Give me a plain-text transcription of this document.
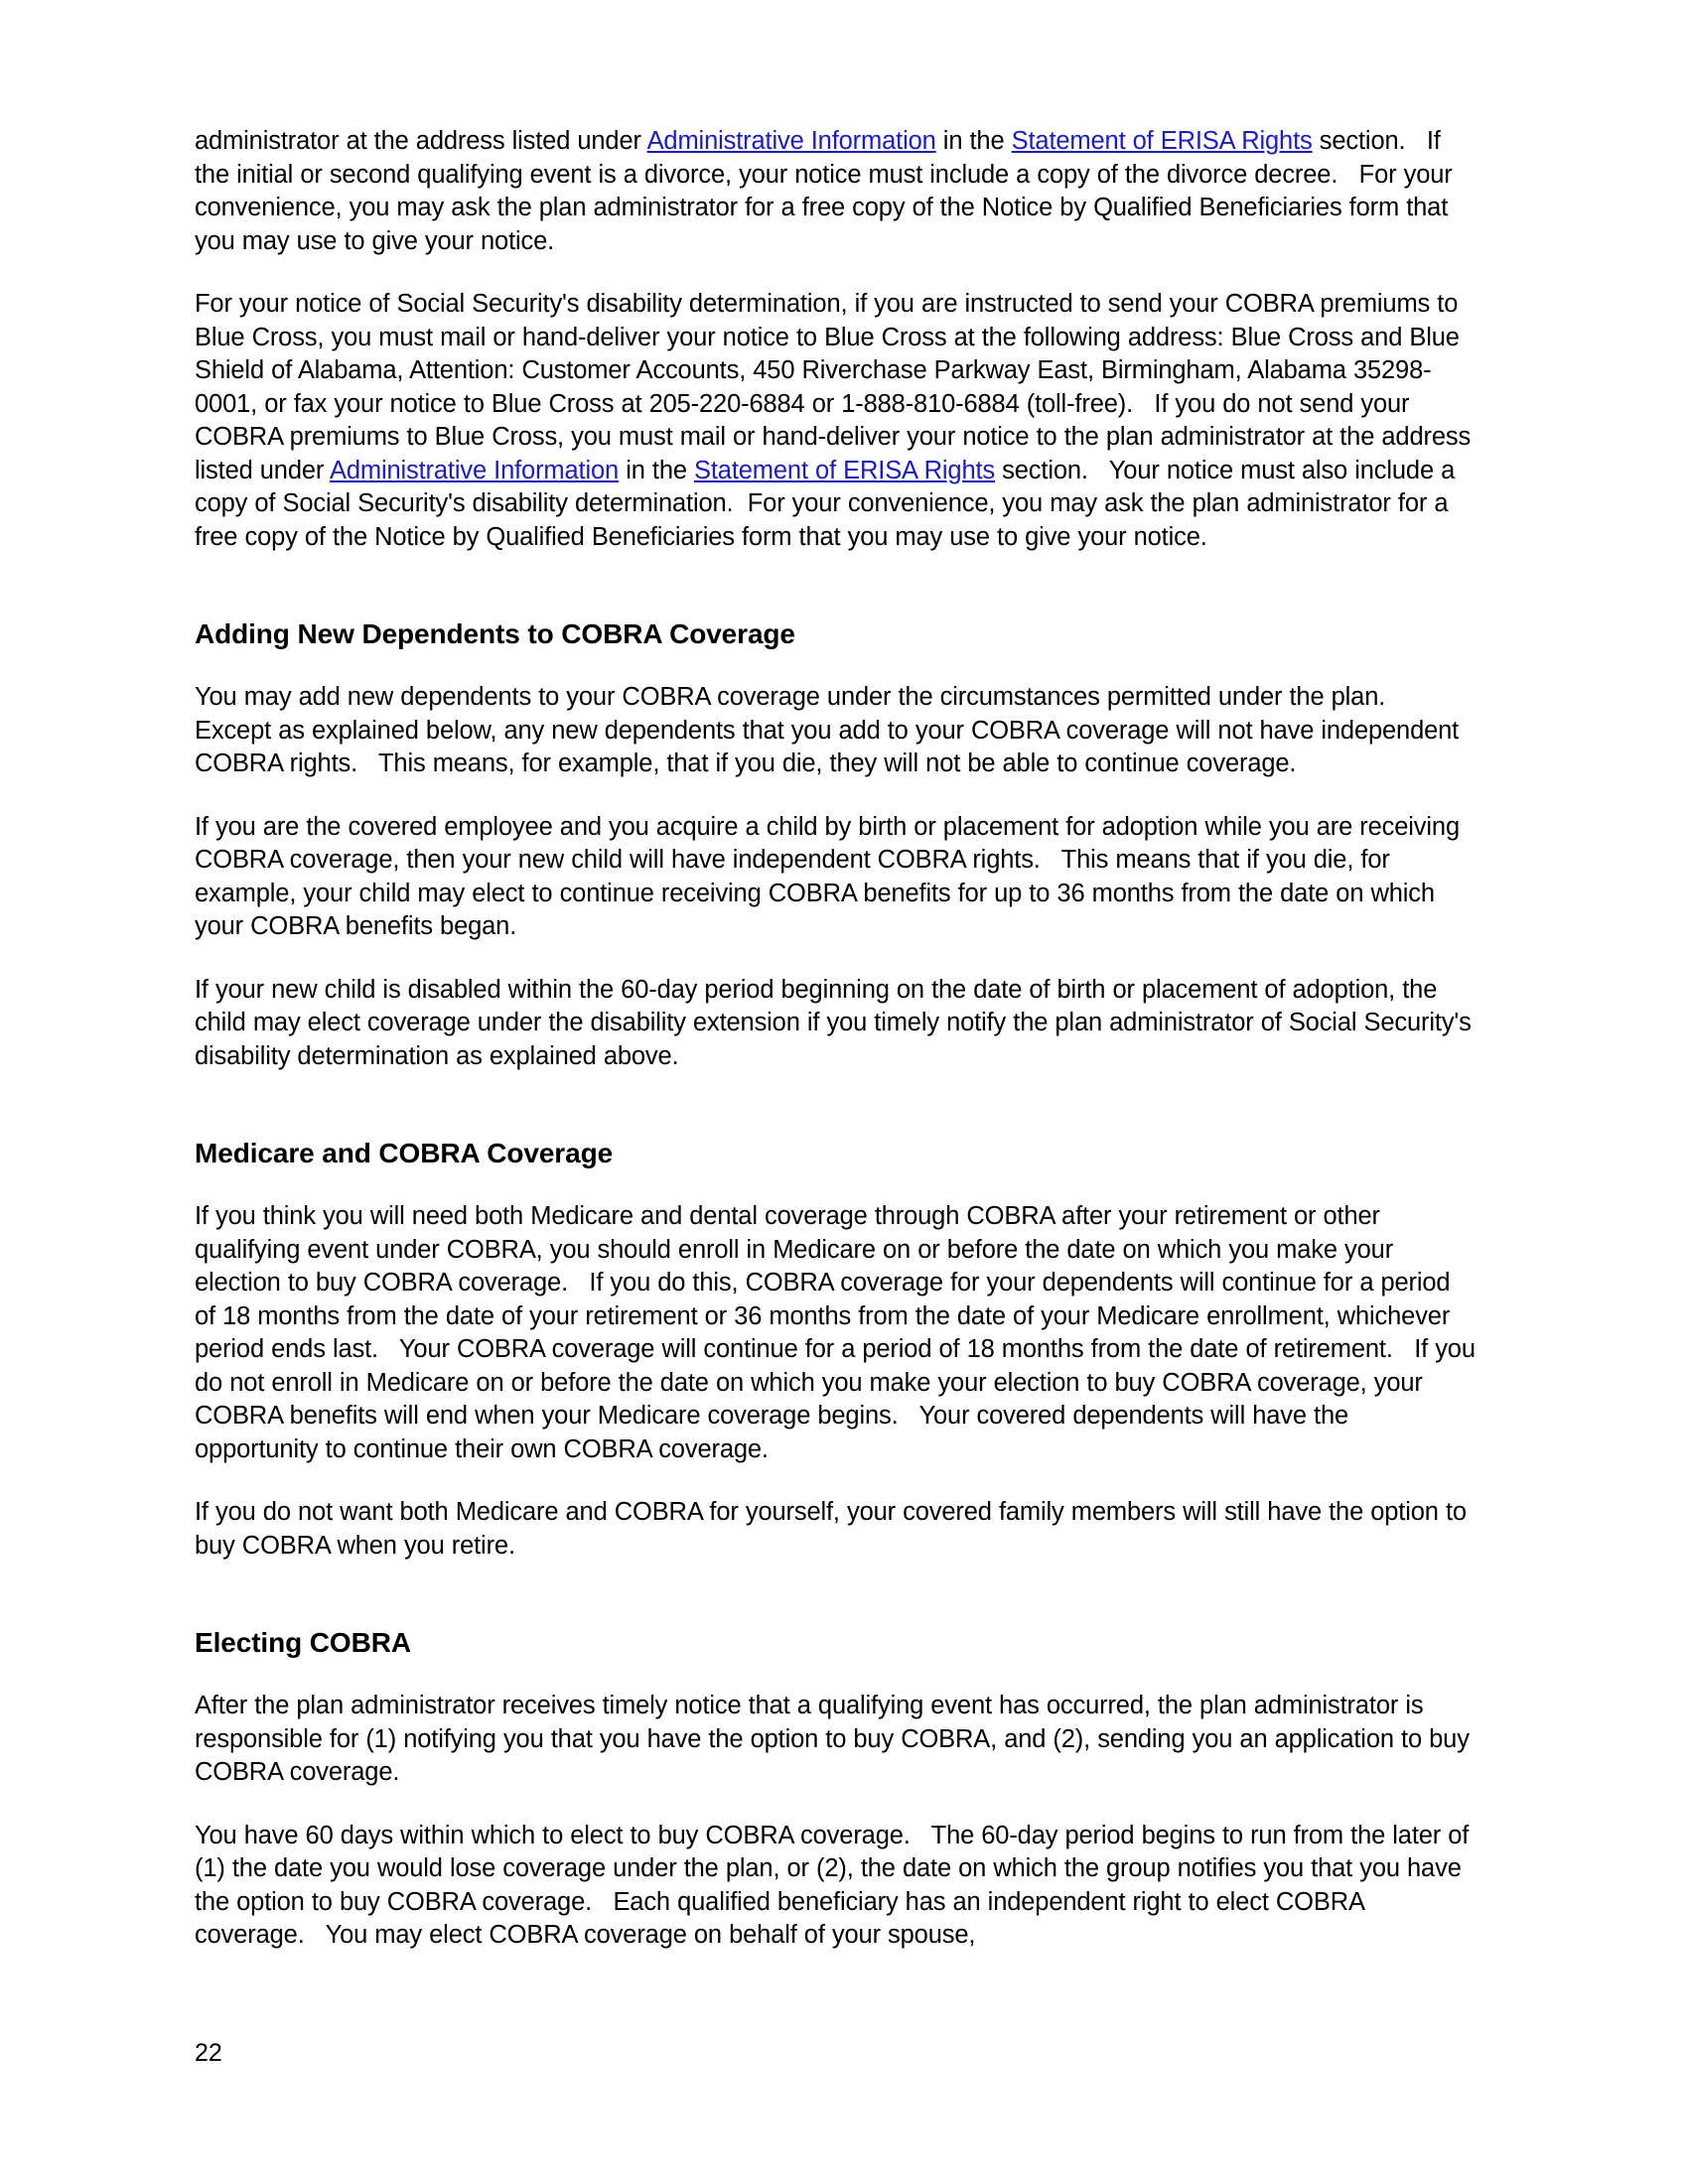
administrator at the address listed under Administrative Information in the Statement of ERISA Rights section.   If the initial or second qualifying event is a divorce, your notice must include a copy of the divorce decree.   For your convenience, you may ask the plan administrator for a free copy of the Notice by Qualified Beneficiaries form that you may use to give your notice.

For your notice of Social Security's disability determination, if you are instructed to send your COBRA premiums to Blue Cross, you must mail or hand-deliver your notice to Blue Cross at the following address: Blue Cross and Blue Shield of Alabama, Attention: Customer Accounts, 450 Riverchase Parkway East, Birmingham, Alabama 35298-0001, or fax your notice to Blue Cross at 205-220-6884 or 1-888-810-6884 (toll-free).   If you do not send your COBRA premiums to Blue Cross, you must mail or hand-deliver your notice to the plan administrator at the address listed under Administrative Information in the Statement of ERISA Rights section.   Your notice must also include a copy of Social Security's disability determination.  For your convenience, you may ask the plan administrator for a free copy of the Notice by Qualified Beneficiaries form that you may use to give your notice.

Adding New Dependents to COBRA Coverage

You may add new dependents to your COBRA coverage under the circumstances permitted under the plan.   Except as explained below, any new dependents that you add to your COBRA coverage will not have independent COBRA rights.   This means, for example, that if you die, they will not be able to continue coverage.

If you are the covered employee and you acquire a child by birth or placement for adoption while you are receiving COBRA coverage, then your new child will have independent COBRA rights.   This means that if you die, for example, your child may elect to continue receiving COBRA benefits for up to 36 months from the date on which your COBRA benefits began.

If your new child is disabled within the 60-day period beginning on the date of birth or placement of adoption, the child may elect coverage under the disability extension if you timely notify the plan administrator of Social Security's disability determination as explained above.

Medicare and COBRA Coverage

If you think you will need both Medicare and dental coverage through COBRA after your retirement or other qualifying event under COBRA, you should enroll in Medicare on or before the date on which you make your election to buy COBRA coverage.   If you do this, COBRA coverage for your dependents will continue for a period of 18 months from the date of your retirement or 36 months from the date of your Medicare enrollment, whichever period ends last.   Your COBRA coverage will continue for a period of 18 months from the date of retirement.   If you do not enroll in Medicare on or before the date on which you make your election to buy COBRA coverage, your COBRA benefits will end when your Medicare coverage begins.   Your covered dependents will have the opportunity to continue their own COBRA coverage.

If you do not want both Medicare and COBRA for yourself, your covered family members will still have the option to buy COBRA when you retire.

Electing COBRA

After the plan administrator receives timely notice that a qualifying event has occurred, the plan administrator is responsible for (1) notifying you that you have the option to buy COBRA, and (2), sending you an application to buy COBRA coverage.

You have 60 days within which to elect to buy COBRA coverage.   The 60-day period begins to run from the later of (1) the date you would lose coverage under the plan, or (2), the date on which the group notifies you that you have the option to buy COBRA coverage.   Each qualified beneficiary has an independent right to elect COBRA coverage.   You may elect COBRA coverage on behalf of your spouse,

22
